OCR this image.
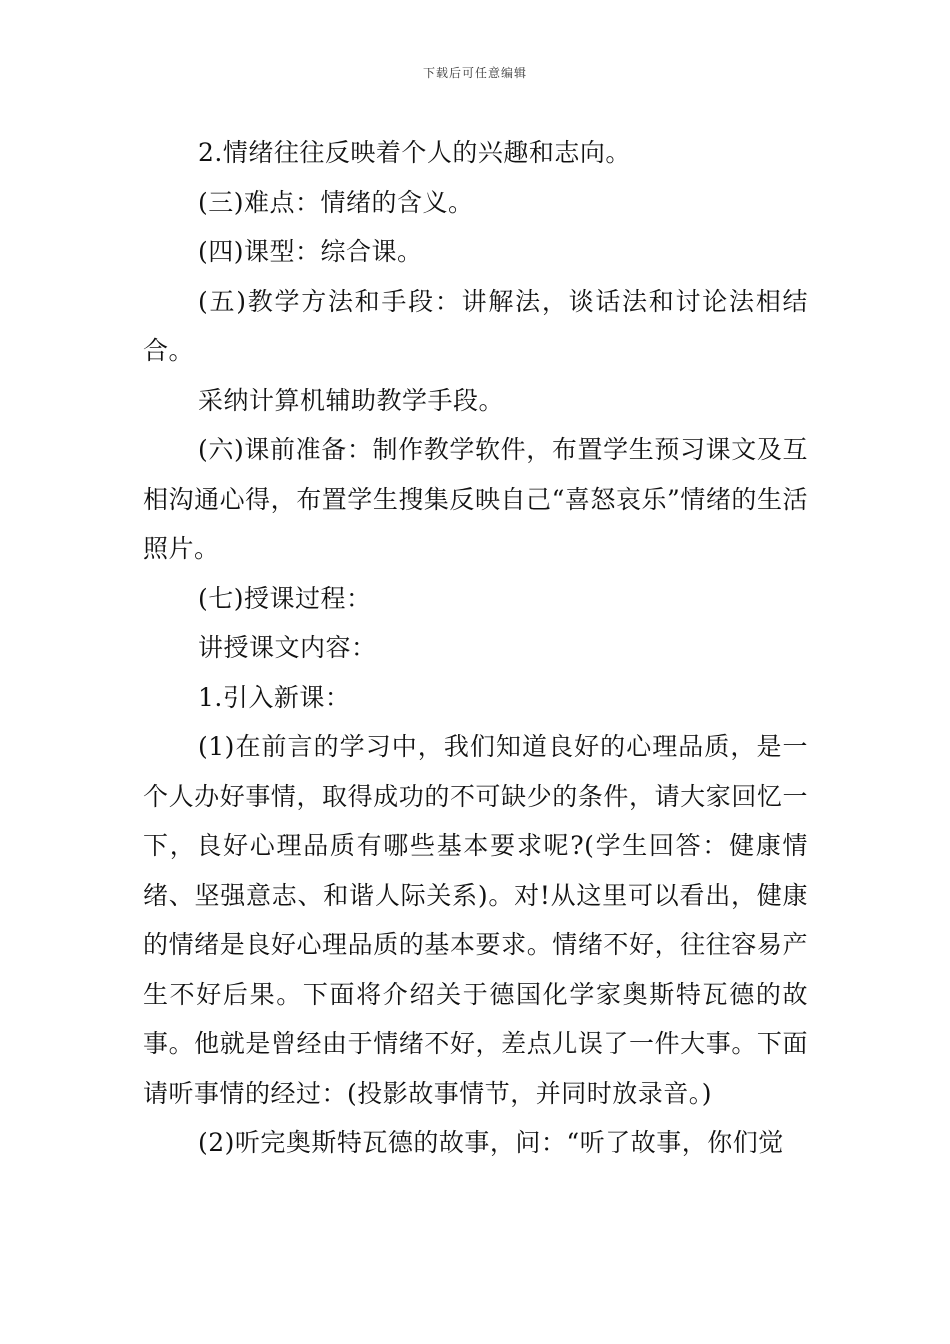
下载后可任意编辑

2.情绪往往反映着个人的兴趣和志向。

(三)难点：情绪的含义。

(四)课型：综合课。

(五)教学方法和手段：讲解法，谈话法和讨论法相结合。

采纳计算机辅助教学手段。

(六)课前准备：制作教学软件，布置学生预习课文及互相沟通心得，布置学生搜集反映自己“喜怒哀乐”情绪的生活照片。

(七)授课过程：

讲授课文内容：

1.引入新课：

(1)在前言的学习中，我们知道良好的心理品质，是一个人办好事情，取得成功的不可缺少的条件，请大家回忆一下，良好心理品质有哪些基本要求呢?(学生回答：健康情绪、坚强意志、和谐人际关系)。对!从这里可以看出，健康的情绪是良好心理品质的基本要求。情绪不好，往往容易产生不好后果。下面将介绍关于德国化学家奥斯特瓦德的故事。他就是曾经由于情绪不好，差点儿误了一件大事。下面请听事情的经过：(投影故事情节，并同时放录音。)

(2)听完奥斯特瓦德的故事，问：“听了故事，你们觉
